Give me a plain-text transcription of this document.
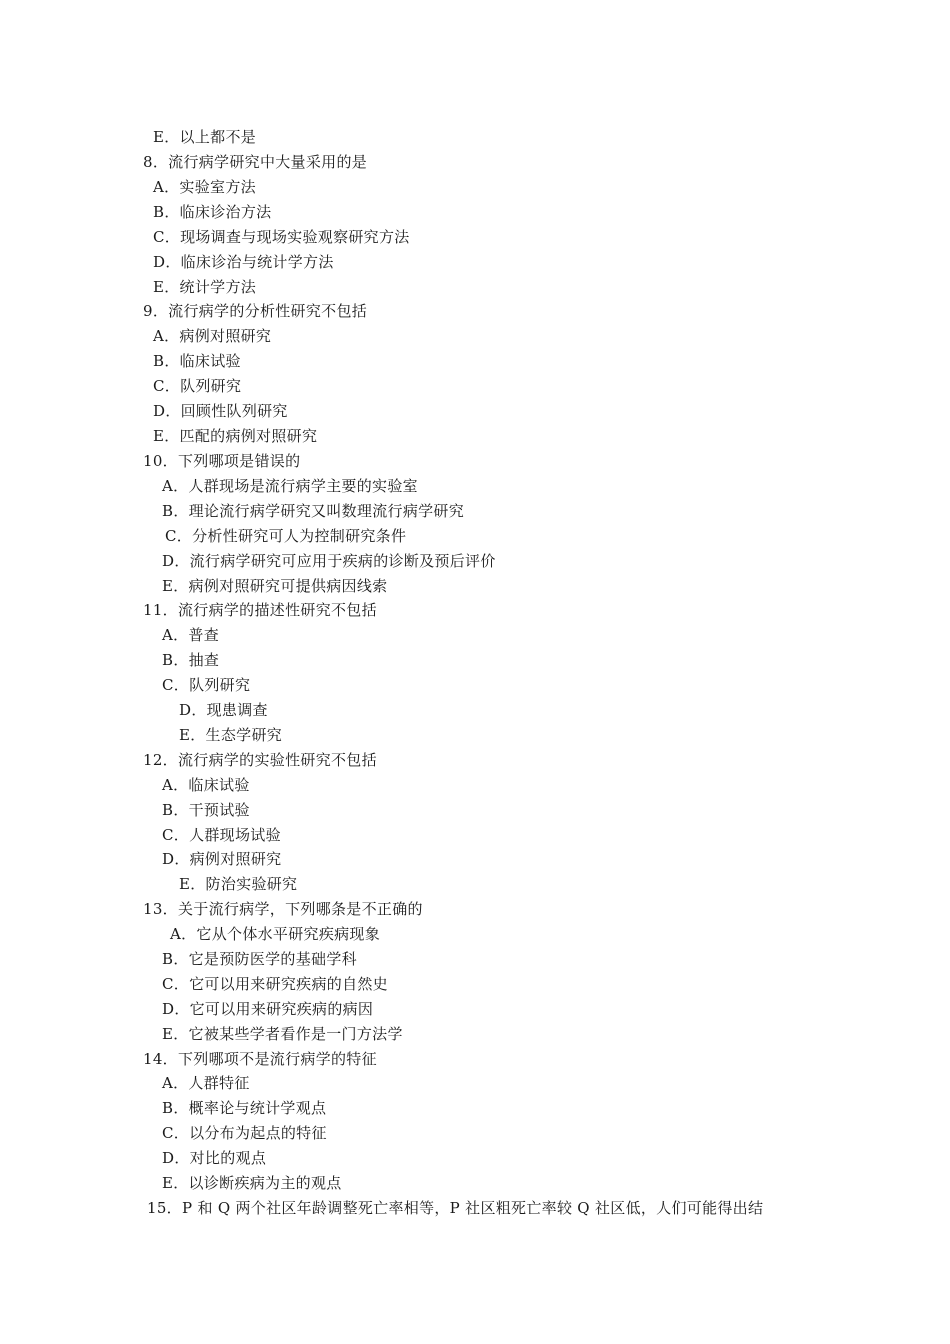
E．以上都不是
8．流行病学研究中大量采用的是
A．实验室方法
B．临床诊治方法
C．现场调查与现场实验观察研究方法
D．临床诊治与统计学方法
E．统计学方法
9．流行病学的分析性研究不包括
A．病例对照研究
B．临床试验
C．队列研究
D．回顾性队列研究
E．匹配的病例对照研究
10．下列哪项是错误的
A．人群现场是流行病学主要的实验室
B．理论流行病学研究又叫数理流行病学研究
C．分析性研究可人为控制研究条件
D．流行病学研究可应用于疾病的诊断及预后评价
E．病例对照研究可提供病因线索
11．流行病学的描述性研究不包括
A．普查
B．抽查
C．队列研究
D．现患调查
E．生态学研究
12．流行病学的实验性研究不包括
A．临床试验
B．干预试验
C．人群现场试验
D．病例对照研究
E．防治实验研究
13．关于流行病学，下列哪条是不正确的
A．它从个体水平研究疾病现象
B．它是预防医学的基础学科
C．它可以用来研究疾病的自然史
D．它可以用来研究疾病的病因
E．它被某些学者看作是一门方法学
14．下列哪项不是流行病学的特征
A．人群特征
B．概率论与统计学观点
C．以分布为起点的特征
D．对比的观点
E．以诊断疾病为主的观点
15．P 和 Q 两个社区年龄调整死亡率相等，P 社区粗死亡率较 Q 社区低，人们可能得出结
